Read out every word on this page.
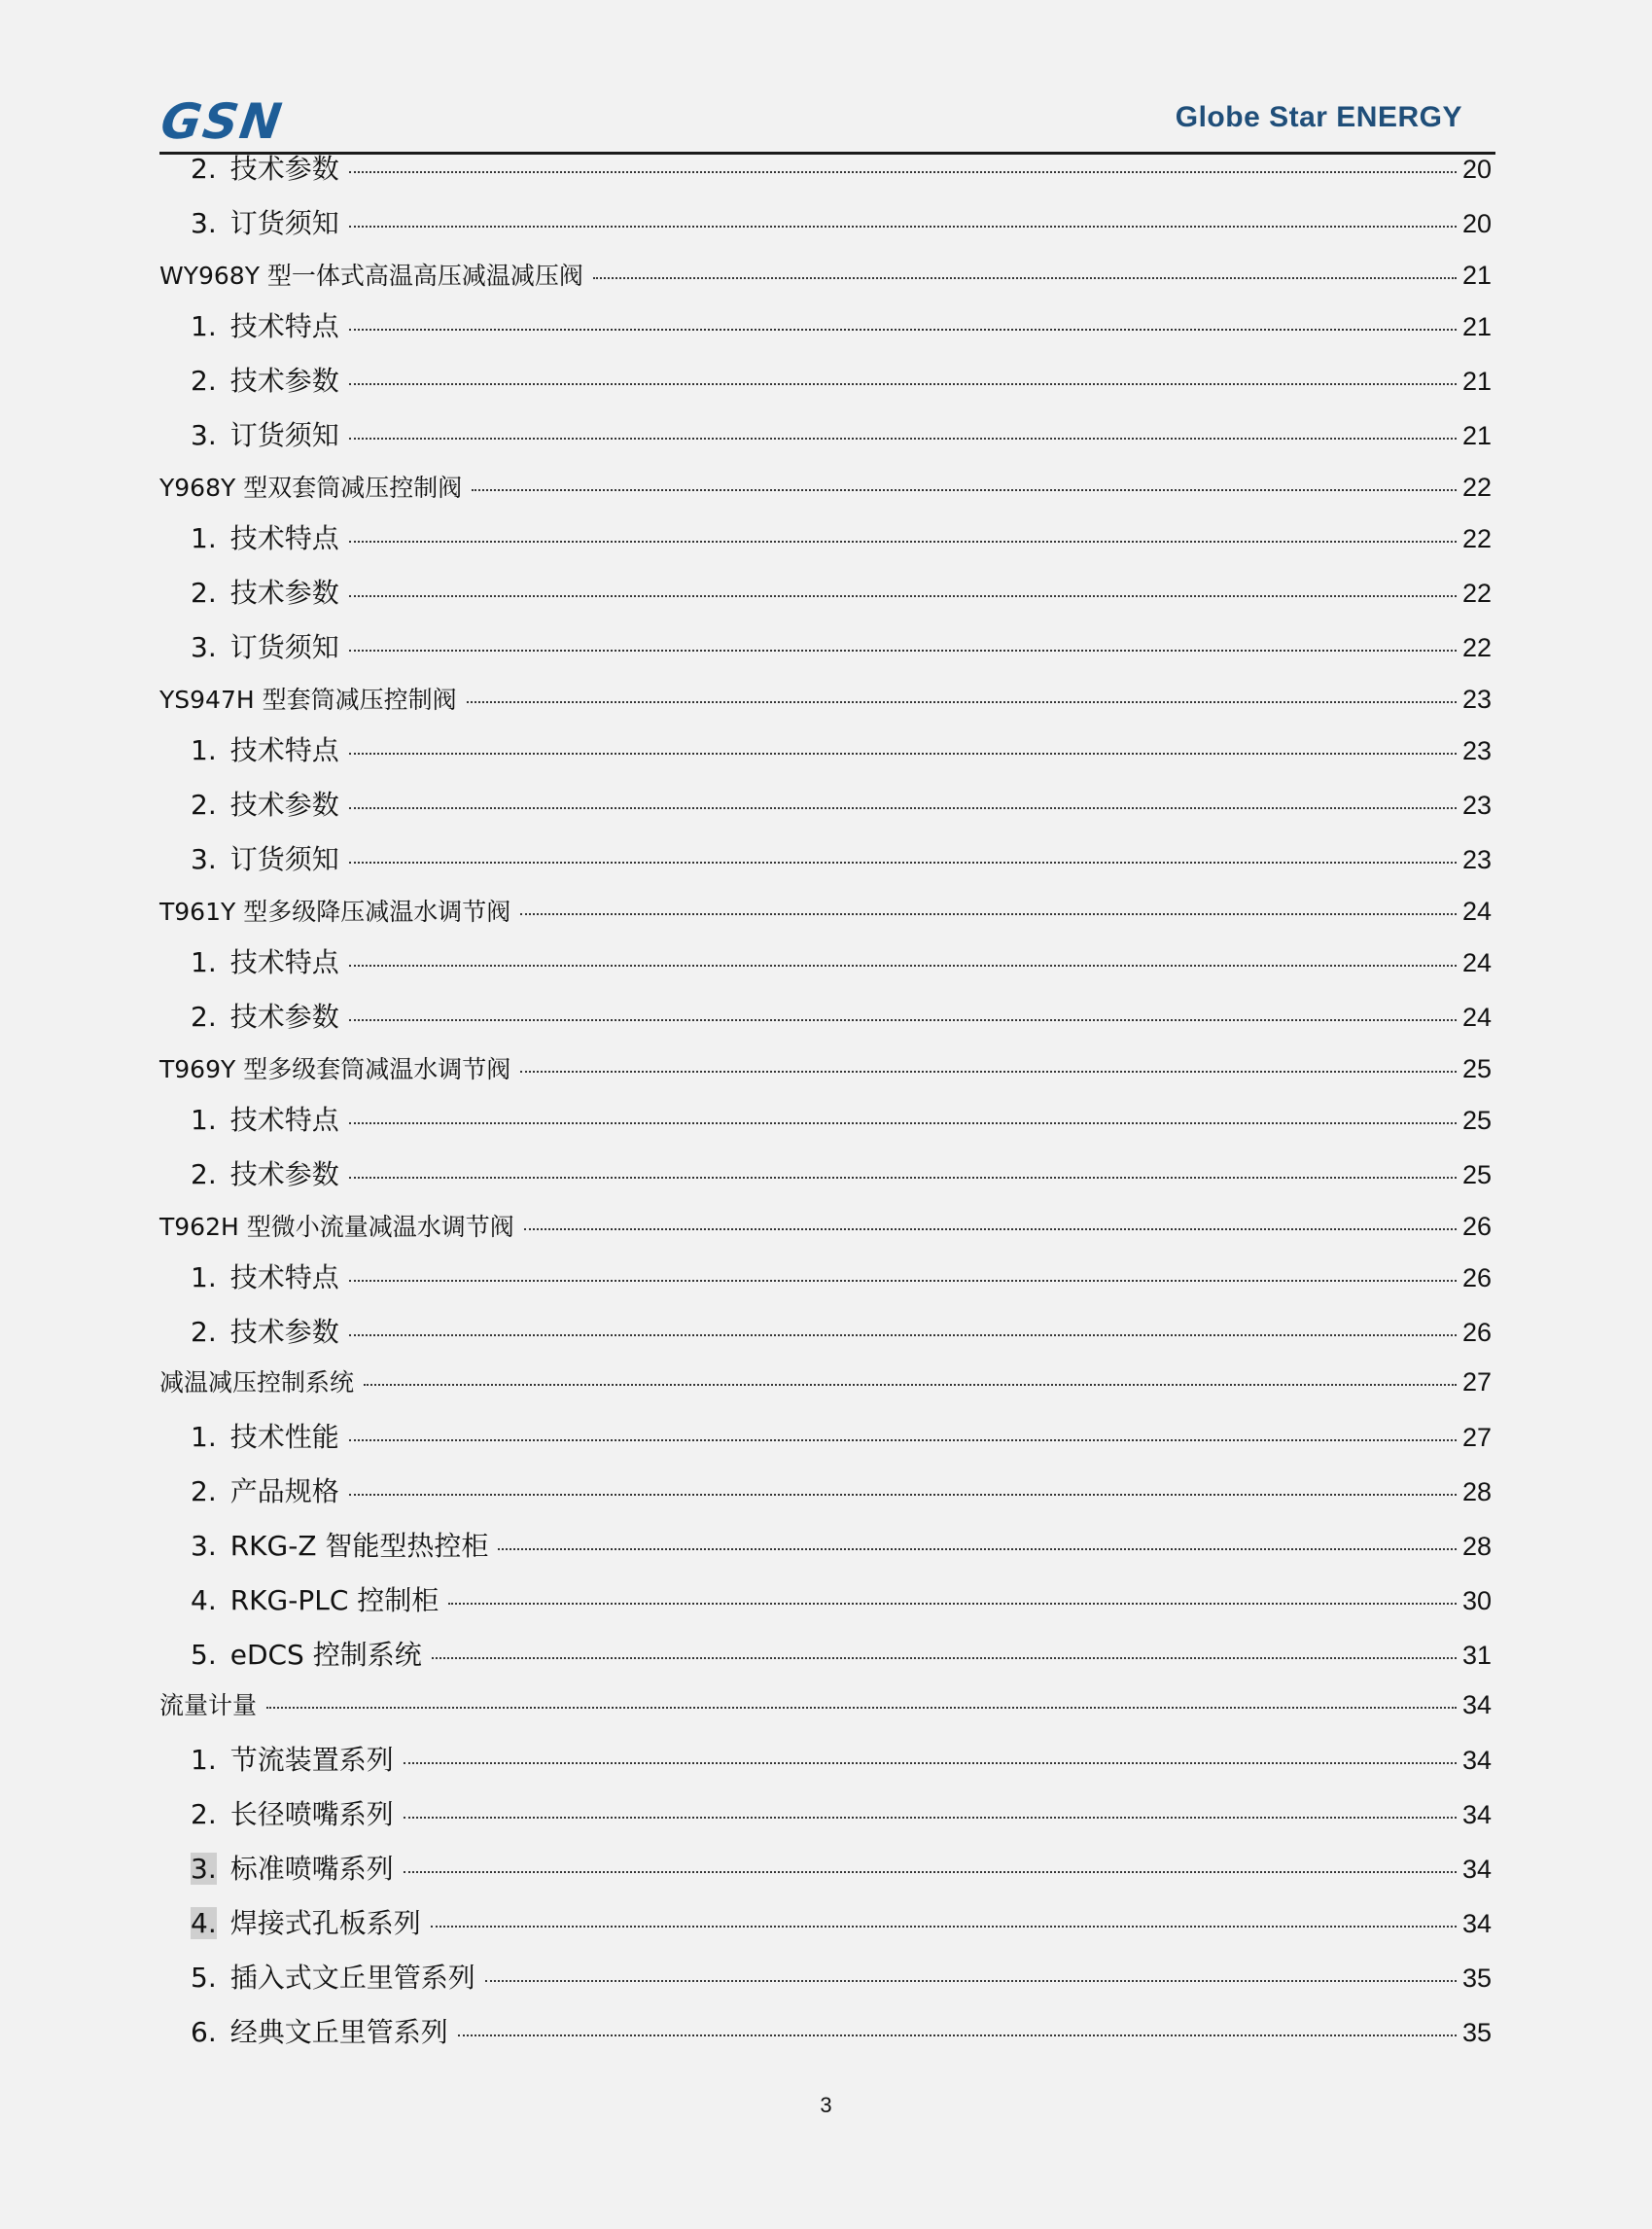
GSN	Globe Star ENERGY
2. 技术参数	20
3. 订货须知	20
WY968Y 型一体式高温高压减温减压阀	21
1. 技术特点	21
2. 技术参数	21
3. 订货须知	21
Y968Y 型双套筒减压控制阀	22
1. 技术特点	22
2. 技术参数	22
3. 订货须知	22
YS947H 型套筒减压控制阀	23
1. 技术特点	23
2. 技术参数	23
3. 订货须知	23
T961Y 型多级降压减温水调节阀	24
1. 技术特点	24
2. 技术参数	24
T969Y 型多级套筒减温水调节阀	25
1. 技术特点	25
2. 技术参数	25
T962H 型微小流量减温水调节阀	26
1. 技术特点	26
2. 技术参数	26
减温减压控制系统	27
1. 技术性能	27
2. 产品规格	28
3. RKG-Z 智能型热控柜	28
4. RKG-PLC 控制柜	30
5. eDCS 控制系统	31
流量计量	34
1. 节流装置系列	34
2. 长径喷嘴系列	34
3. 标准喷嘴系列	34
4. 焊接式孔板系列	34
5. 插入式文丘里管系列	35
6. 经典文丘里管系列	35
3
